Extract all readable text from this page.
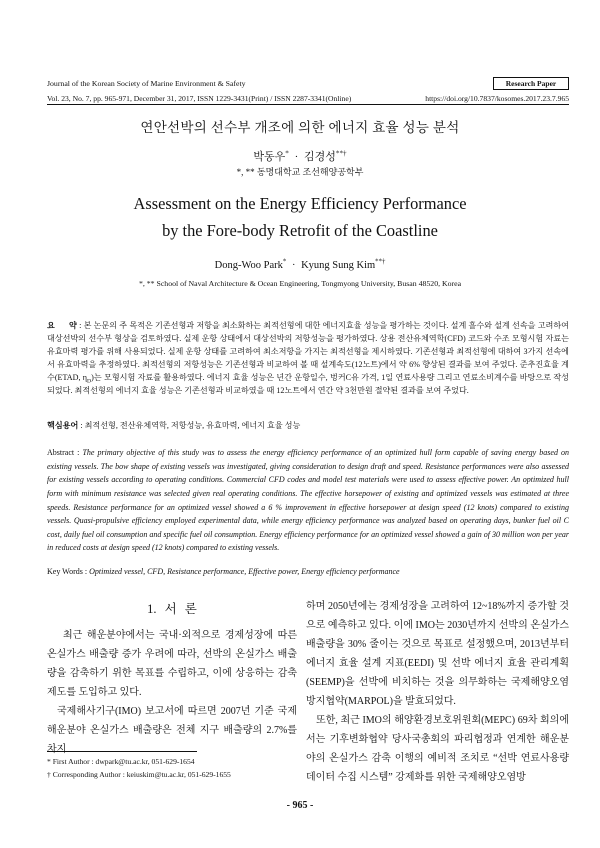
Journal of the Korean Society of Marine Environment & Safety	Research Paper
Vol. 23, No. 7, pp. 965-971, December 31, 2017, ISSN 1229-3431(Print) / ISSN 2287-3341(Online)	https://doi.org/10.7837/kosomes.2017.23.7.965
연안선박의 선수부 개조에 의한 에너지 효율 성능 분석
박동우* · 김경성**†
*, ** 동명대학교 조선해양공학부
Assessment on the Energy Efficiency Performance
by the Fore-body Retrofit of the Coastline
Dong-Woo Park* · Kyung Sung Kim**†
*, ** School of Naval Architecture & Ocean Engineering, Tongmyong University, Busan 48520, Korea
요 약 : 본 논문의 주 목적은 기존선형과 저항을 최소화하는 최적선형에 대한 에너지효율 성능을 평가하는 것이다. 설계 흘수와 설계 선속을 고려하여 대상선박의 선수부 형상을 검토하였다. 실제 운항 상태에서 대상선박의 저항성능을 평가하였다. 상용 전산유체역학(CFD) 코드와 수조 모형시험 자료는 유효마력 평가를 위해 사용되었다. 실제 운항 상태를 고려하여 최소저항을 가지는 최적선형을 제시하였다. 기존선형과 최적선형에 대하여 3가지 선속에서 유효마력을 추정하였다. 최적선형의 저항성능은 기존선형과 비교하여 볼 때 설계속도(12노트)에서 약 6% 향상된 결과를 보여 주었다. 준추진효율 계수(ETAD, $\eta_D$)는 모형시험 자료를 활용하였다. 에너지 효율 성능은 년간 운항일수, 벙커C유 가격, 1일 연료사용량 그리고 연료소비계수를 바탕으로 작성되었다. 최적선형의 에너지 효율 성능은 기존선형과 비교하였을 때 12노트에서 연간 약 3천만원 절약된 결과를 보여 주었다.
핵심용어 : 최적선형, 전산유체역학, 저항성능, 유효마력, 에너지 효율 성능
Abstract : The primary objective of this study was to assess the energy efficiency performance of an optimized hull form capable of saving energy based on existing vessels. The bow shape of existing vessels was investigated, giving consideration to design draft and speed. Resistance performances were also assessed for existing vessels according to operating conditions. Commercial CFD codes and model test materials were used to assess effective power. An optimized hull form with minimum resistance was selected given real operating conditions. The effective horsepower of existing and optimized vessels was estimated at three speeds. Resistance performance for an optimized vessel showed a 6 % improvement in effective horsepower at design speed (12 knots) compared to existing vessels. Quasi-propulsive efficiency employed experimental data, while energy efficiency performance was analyzed based on operating days, bunker fuel oil C cost, daily fuel oil consumption and specific fuel oil consumption. Energy efficiency performance for an optimized vessel showed a gain of 30 million won per year in reduced costs at design speed (12 knots) compared to existing vessels.
Key Words : Optimized vessel, CFD, Resistance performance, Effective power, Energy efficiency performance
1. 서 론

최근 해운분야에서는 국내·외적으로 경제성장에 따른 온실가스 배출량 증가 우려에 따라, 선박의 온실가스 배출량을 감축하기 위한 목표를 수립하고, 이에 상응하는 감축 제도를 도입하고 있다.

국제해사기구(IMO) 보고서에 따르면 2007년 기준 국제해운분야 온실가스 배출량은 전체 지구 배출량의 2.7%를 차지

하며 2050년에는 경제성장을 고려하여 12~18%까지 증가할 것으로 예측하고 있다. 이에 IMO는 2030년까지 선박의 온실가스 배출량을 30% 줄이는 것으로 목표로 설정했으며, 2013년부터 에너지 효율 설계 지표(EEDI) 및 선박 에너지 효율 관리계획(SEEMP)을 선박에 비치하는 것을 의무화하는 국제해양오염방지협약(MARPOL)을 발효되었다.

또한, 최근 IMO의 해양환경보호위원회(MEPC) 69차 회의에서는 기후변화협약 당사국총회의 파리협정과 연계한 해운분야의 온실가스 감축 이행의 예비적 조치로 “선박 연료사용량 데이터 수집 시스템” 강제화를 위한 국제해양오염방

* First Author : dwpark@tu.ac.kr, 051-629-1654
† Corresponding Author : keiuskim@tu.ac.kr, 051-629-1655
- 965 -
